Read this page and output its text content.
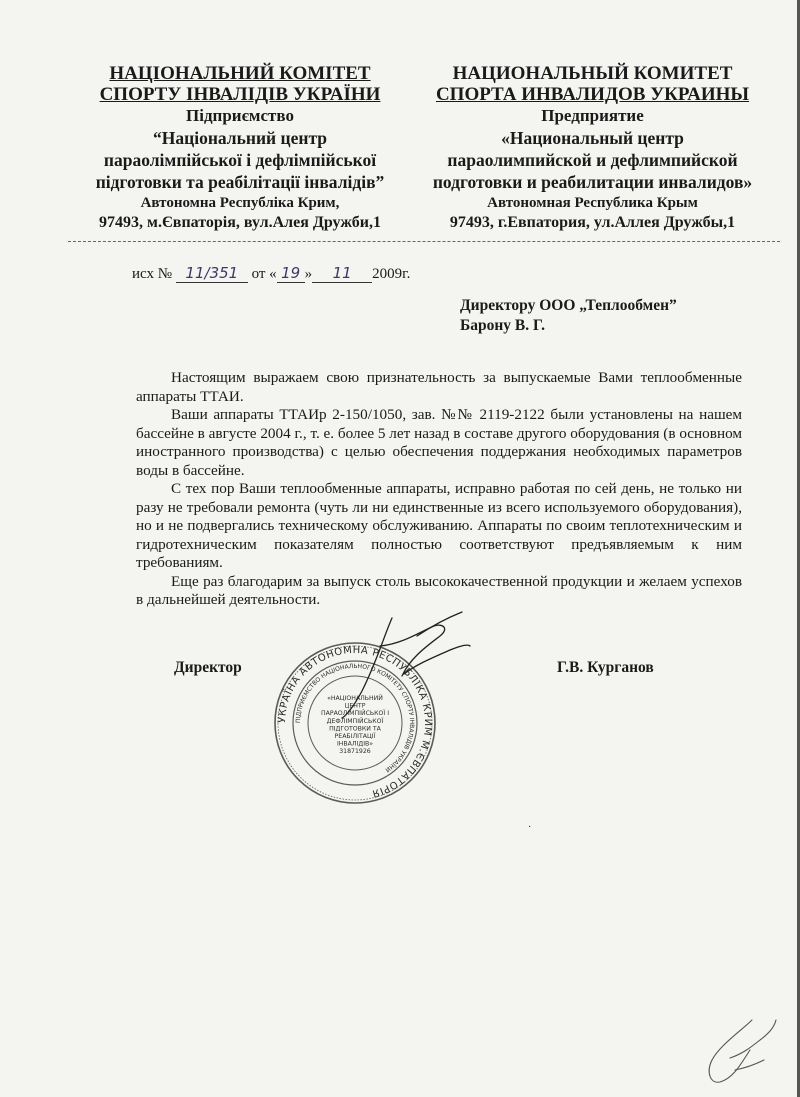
НАЦІОНАЛЬНИЙ КОМІТЕТ
СПОРТУ ІНВАЛІДІВ УКРАЇНИ
Підприємство
“Національний центр
параолімпійської і дефлімпійської
підготовки та реабілітації інвалідів”
Автономна Республіка Крим,
97493, м.Євпаторія, вул.Алея Дружби,1
НАЦИОНАЛЬНЫЙ КОМИТЕТ
СПОРТА ИНВАЛИДОВ УКРАИНЫ
Предприятие
«Национальный центр
параолимпийской и дефлимпийской
подготовки и реабилитации инвалидов»
Автономная Республика Крым
97493, г.Евпатория, ул.Аллея Дружбы,1
исх № 11/351 от « 19 » 11 2009г.
Директору ООО „Теплообмен”
Барону В. Г.

Настоящим выражаем свою признательность за выпускаемые Вами теплообменные аппараты ТТАИ.

Ваши аппараты ТТАИр 2-150/1050, зав. №№ 2119-2122 были установлены на нашем бассейне в августе 2004 г., т. е. более 5 лет назад в составе другого оборудования (в основном иностранного производства) с целью обеспечения поддержания необходимых параметров воды в бассейне.

С тех пор Ваши теплообменные аппараты, исправно работая по сей день, не только ни разу не требовали ремонта (чуть ли ни единственные из всего используемого оборудования), но и не подвергались техническому обслуживанию. Аппараты по своим теплотехническим и гидротехническим показателям полностью соответствуют предъявляемым к ним требованиям.

Еще раз благодарим за выпуск столь высококачественной продукции и желаем успехов в дальнейшей деятельности.

Директор	Г.В. Курганов
УКРАЇНА АВТОНОМНА РЕСПУБЛІКА КРИМ М.ЄВПАТОРІЯ
ПІДПРИЄМСТВО НАЦІОНАЛЬНОГО КОМІТЕТУ СПОРТУ ІНВАЛІДІВ УКРАЇНИ
«НАЦІОНАЛЬНИЙ
ЦЕНТР
ПАРАОЛІМПІЙСЬКОЇ І
ДЕФЛІМПІЙСЬКОЇ
ПІДГОТОВКИ ТА
РЕАБІЛІТАЦІЇ
ІНВАЛІДІВ»
31871926
·
